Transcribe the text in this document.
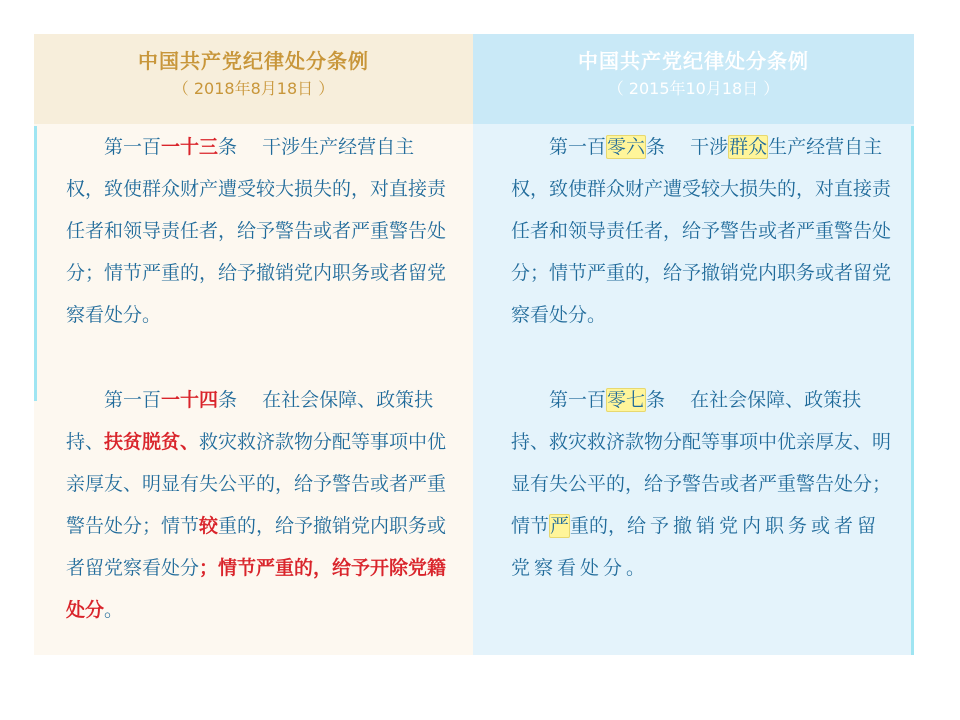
中国共产党纪律处分条例
（ 2018年8月18日 ）
第一百一十三条　 干涉生产经营自主权，致使群众财产遭受较大损失的，对直接责任者和领导责任者，给予警告或者严重警告处分；情节严重的，给予撤销党内职务或者留党察看处分。
第一百一十四条　 在社会保障、政策扶持、扶贫脱贫、救灾救济款物分配等事项中优亲厚友、明显有失公平的，给予警告或者严重警告处分；情节较重的，给予撤销党内职务或者留党察看处分；情节严重的，给予开除党籍处分。
中国共产党纪律处分条例
（ 2015年10月18日 ）
第一百零六条　 干涉群众生产经营自主权，致使群众财产遭受较大损失的，对直接责任者和领导责任者，给予警告或者严重警告处分；情节严重的，给予撤销党内职务或者留党察看处分。
第一百零七条　 在社会保障、政策扶持、救灾救济款物分配等事项中优亲厚友、明显有失公平的，给予警告或者严重警告处分；情节严重的，给予撤销党内职务或者留党察看处分。
